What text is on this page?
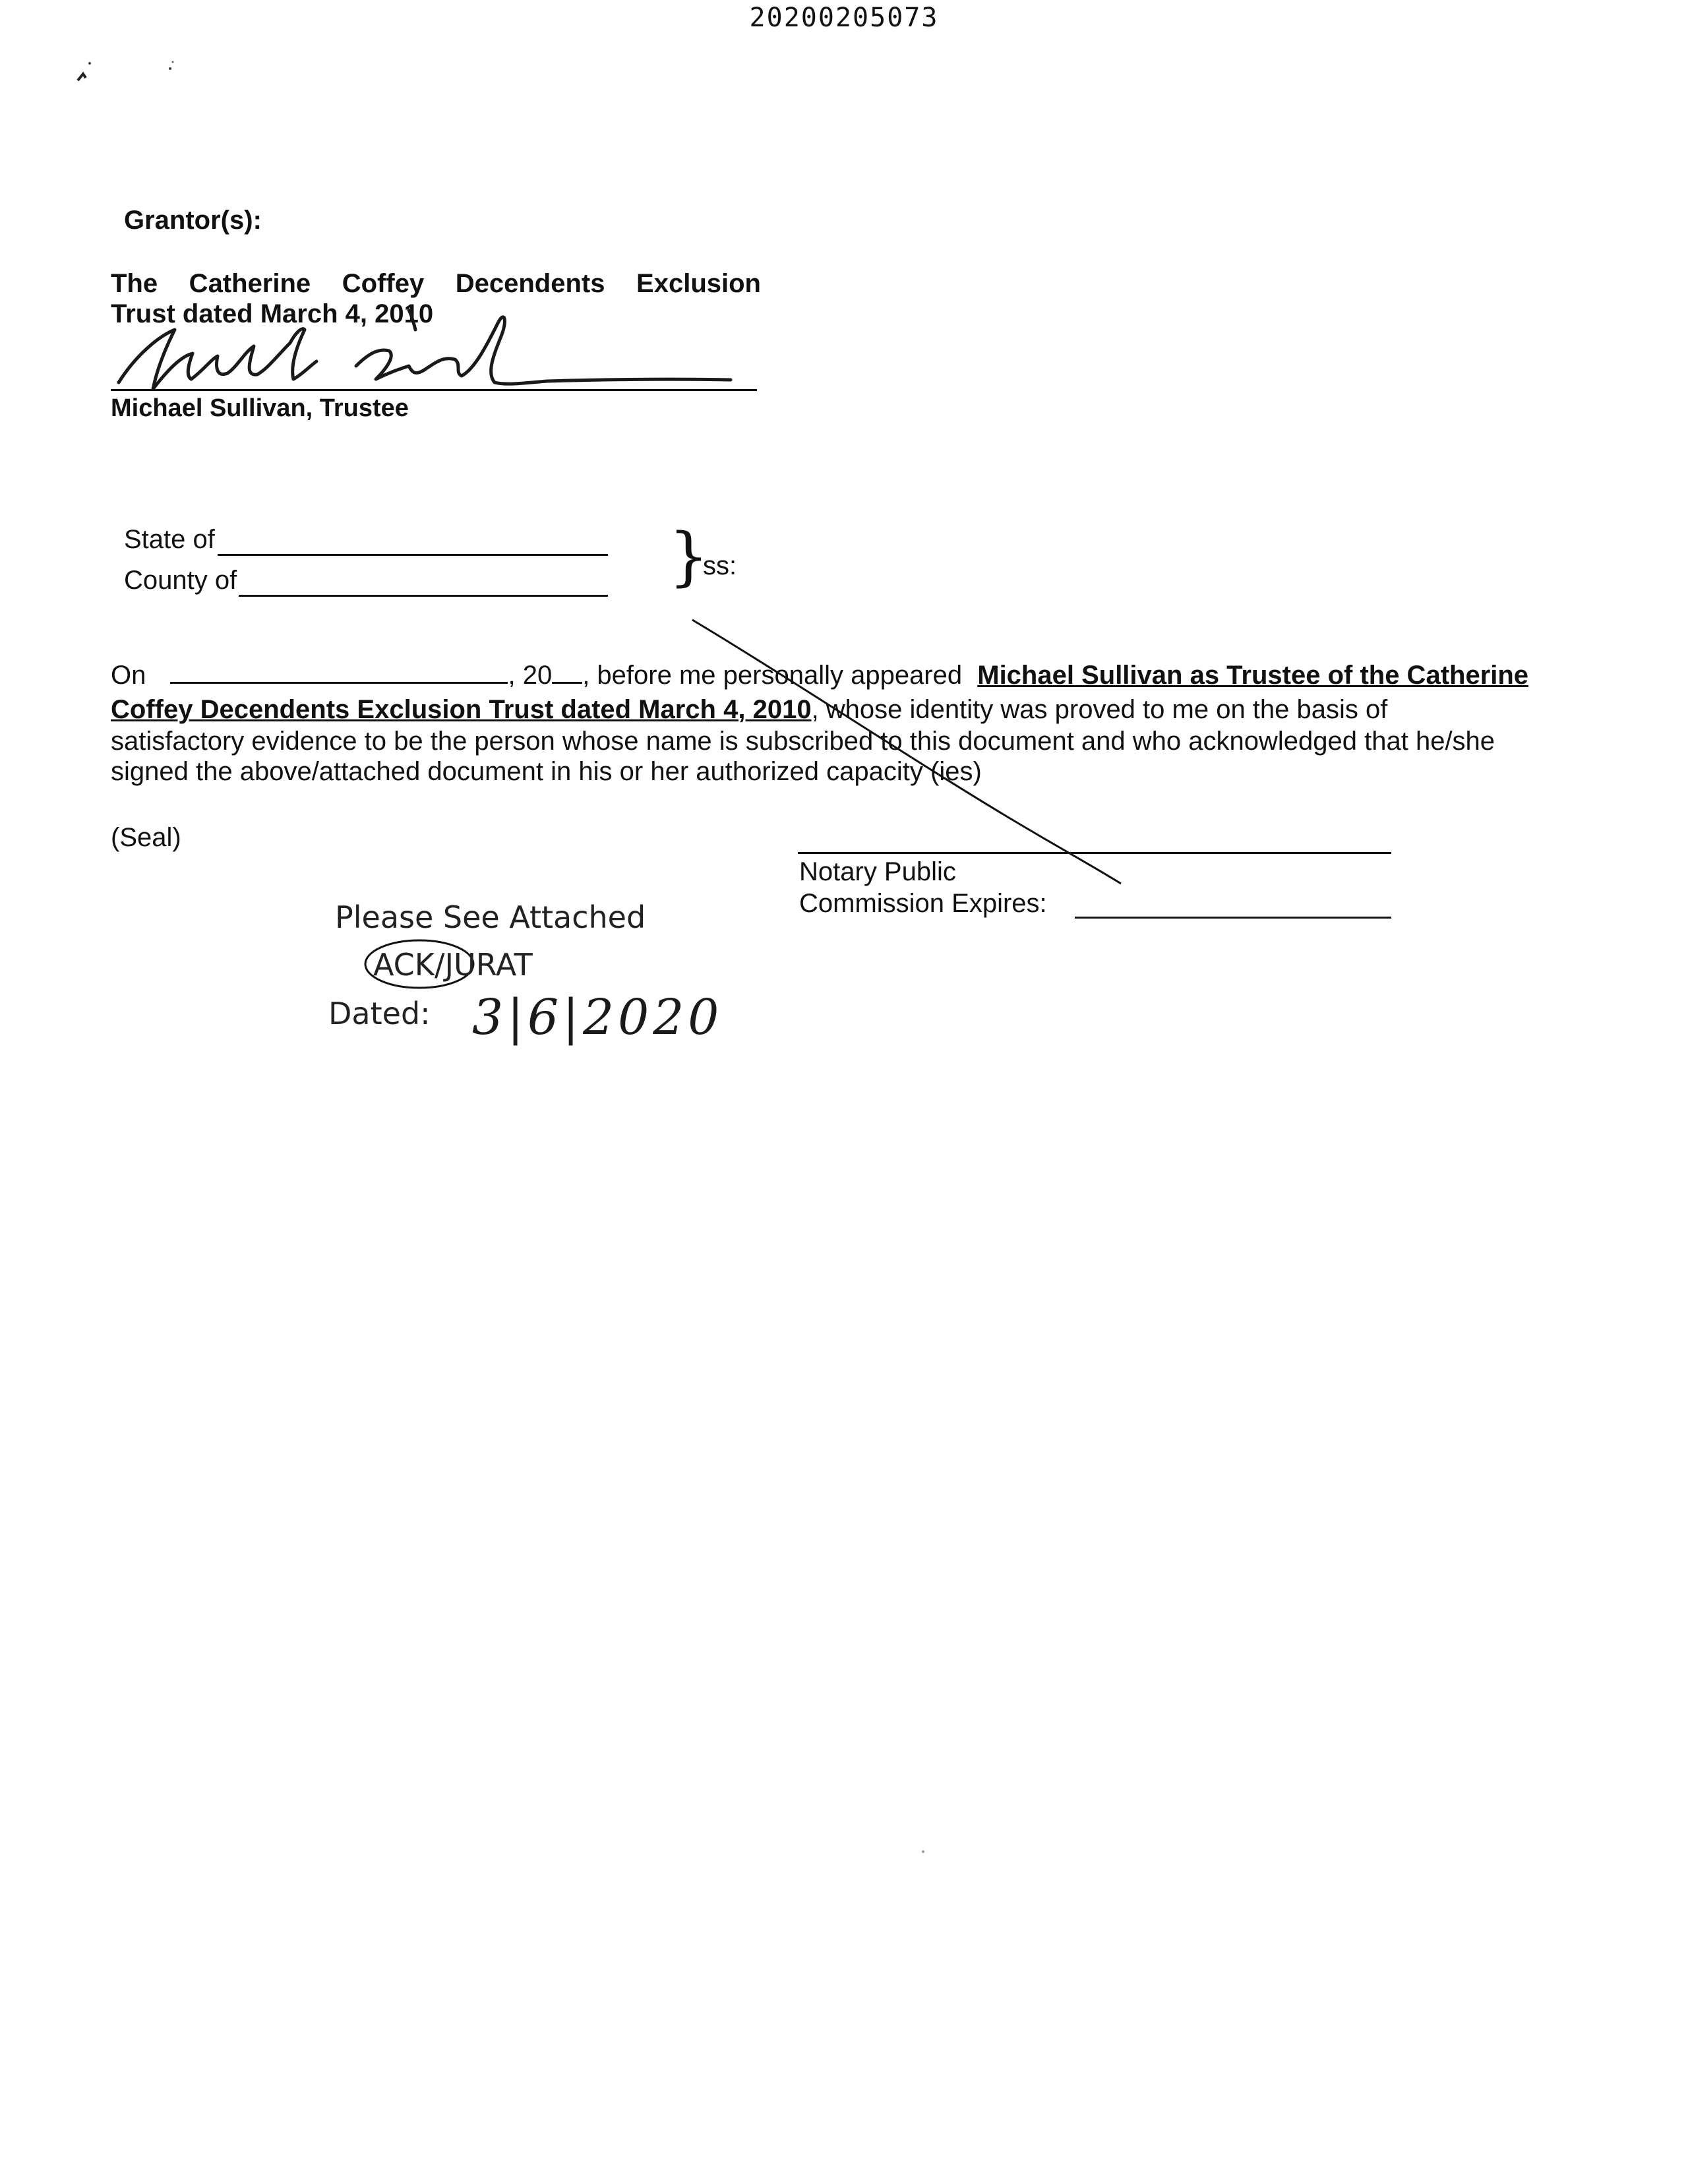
20200205073
Grantor(s):
The Catherine Coffey Decendents Exclusion
Trust dated March 4, 2010
Michael Sullivan, Trustee
State of
County of	}
ss:
On	, 20 , before me personally appeared Michael Sullivan as Trustee of the Catherine
Coffey Decendents Exclusion Trust dated March 4, 2010, whose identity was proved to me on the basis of
satisfactory evidence to be the person whose name is subscribed to this document and who acknowledged that he/she
signed the above/attached document in his or her authorized capacity (ies)
(Seal)
Notary Public
Commission Expires:
Please See Attached
ACK/JURAT
Dated: 3|6|2020
